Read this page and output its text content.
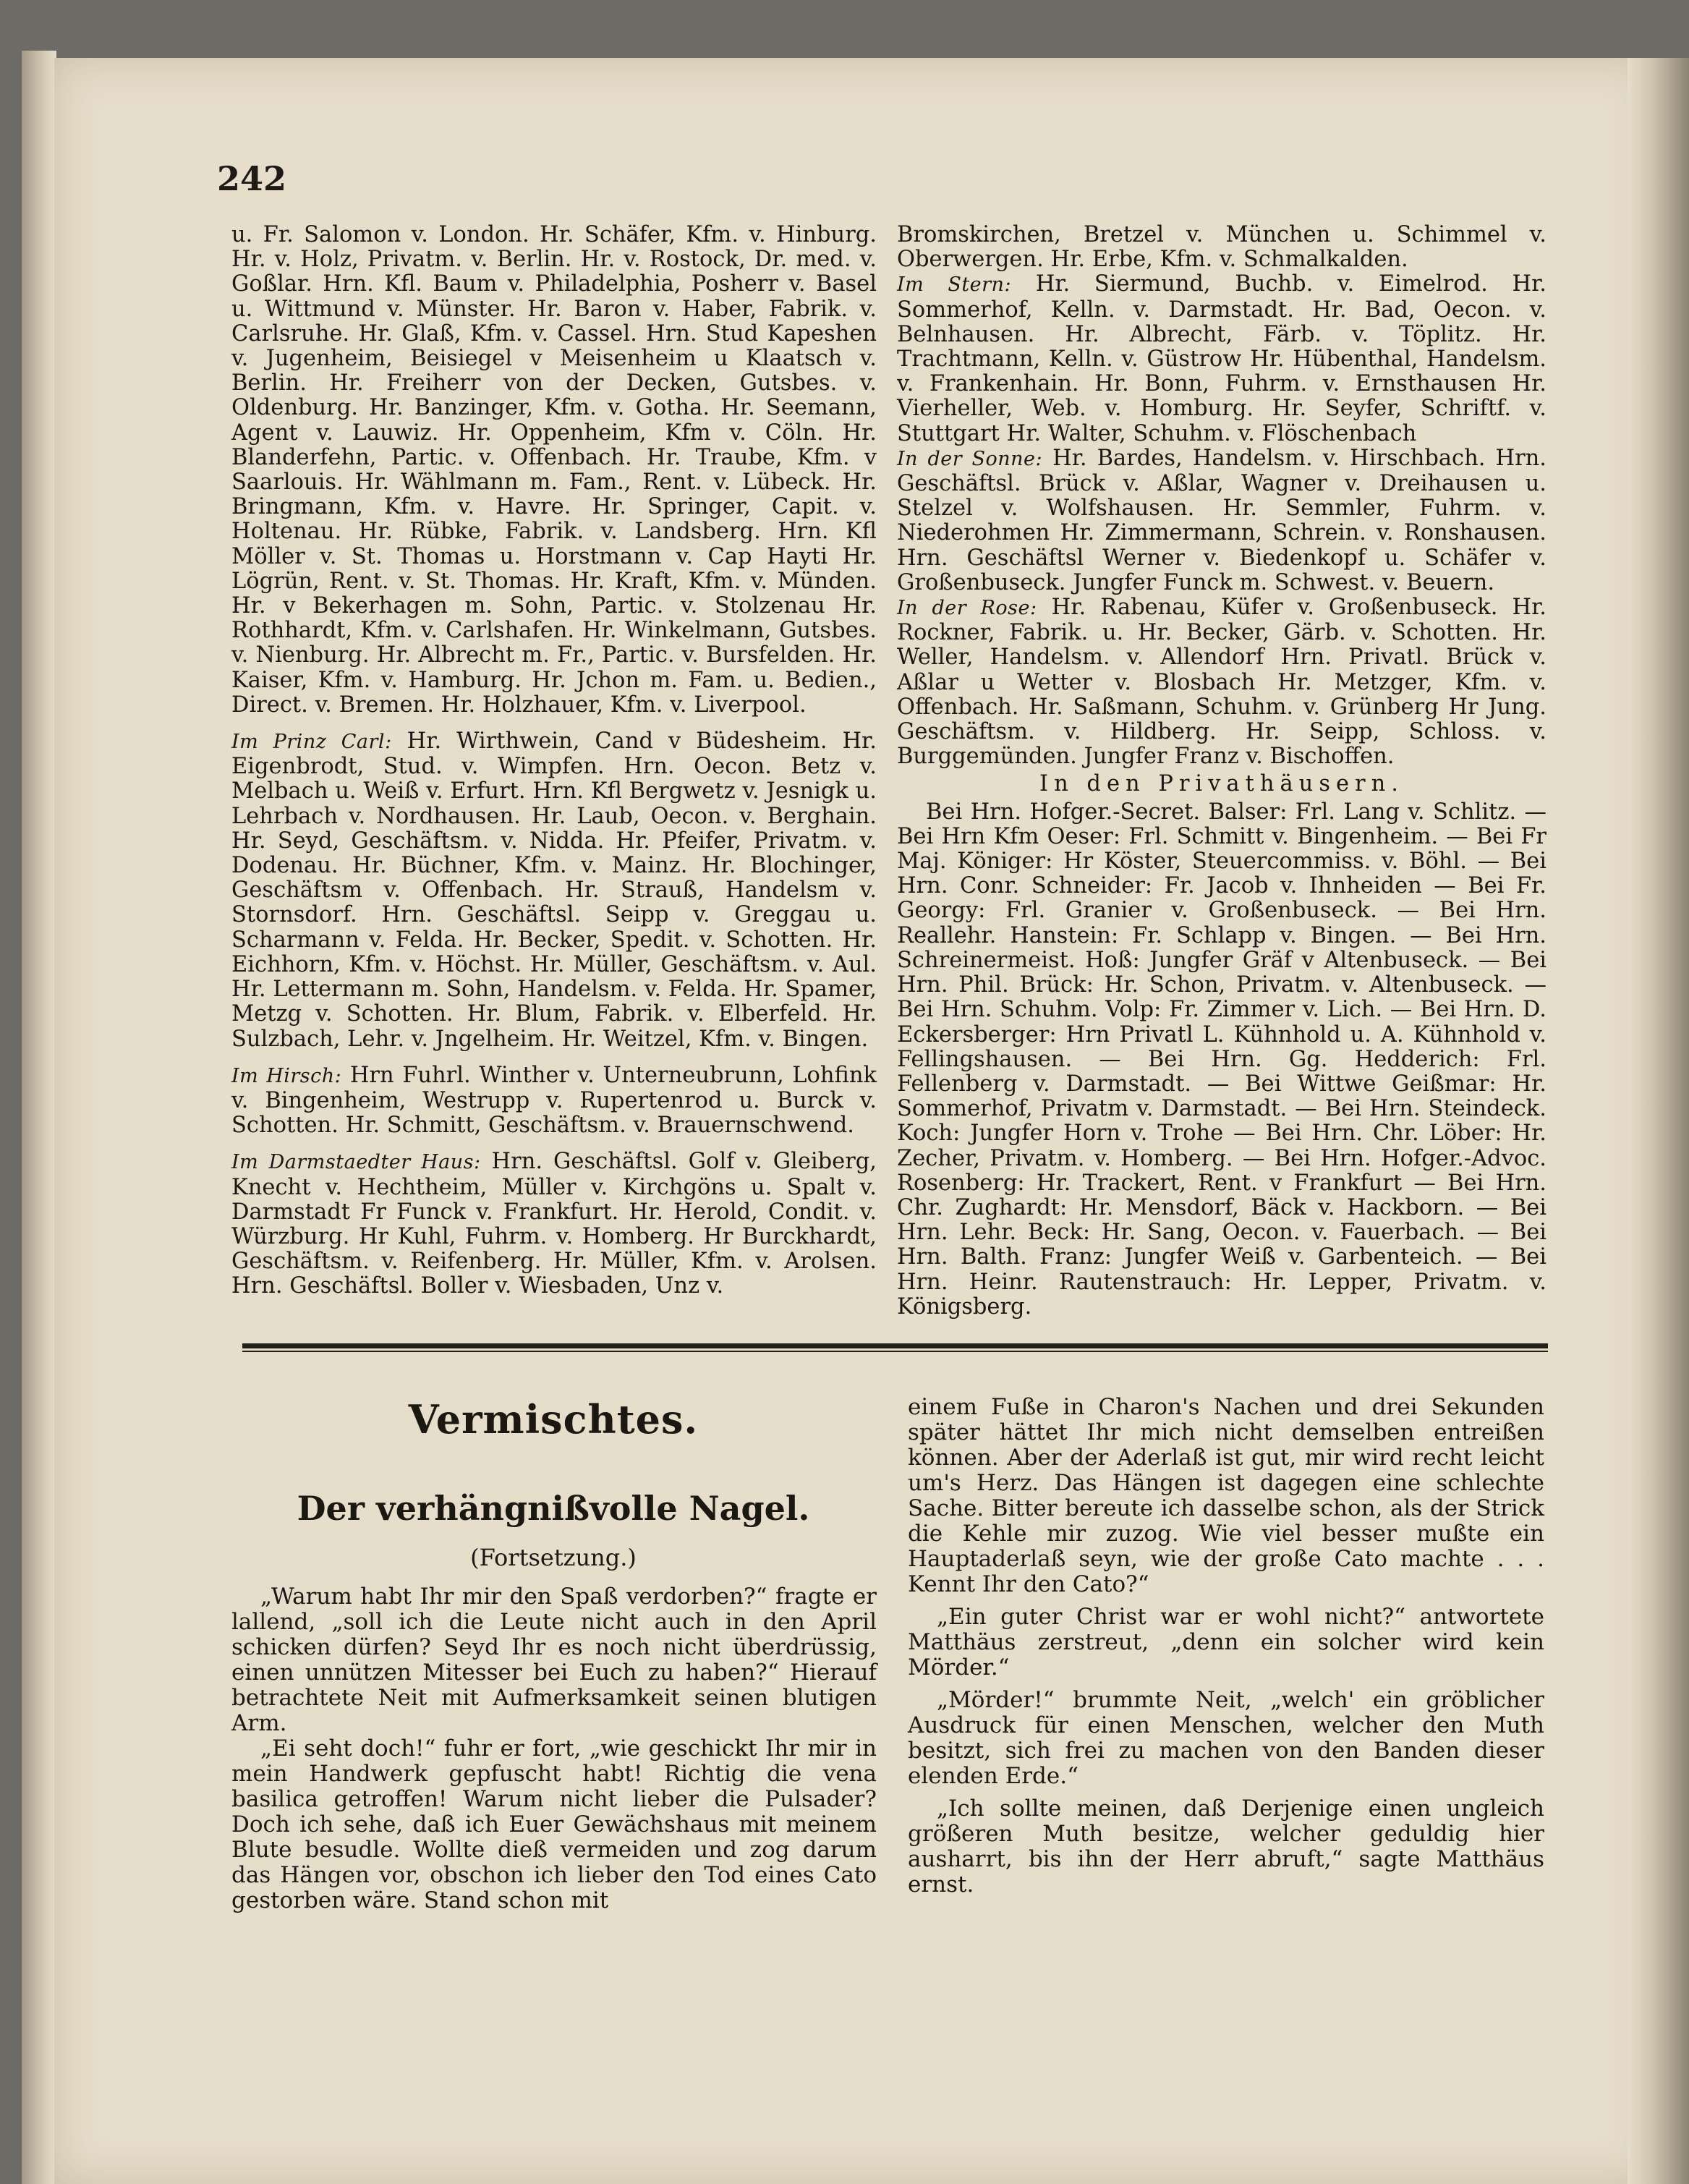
242

u. Fr. Salomon v. London. Hr. Schäfer, Kfm. v. Hinburg. Hr. v. Holz, Privatm. v. Berlin. Hr. v. Rostock, Dr. med. v. Goßlar. Hrn. Kfl. Baum v. Philadelphia, Posherr v. Basel u. Wittmund v. Münster. Hr. Baron v. Haber, Fabrik. v. Carlsruhe. Hr. Glaß, Kfm. v. Cassel. Hrn. Stud Kapeshen v. Jugenheim, Beisiegel v Meisenheim u Klaatsch v. Berlin. Hr. Freiherr von der Decken, Gutsbes. v. Oldenburg. Hr. Banzinger, Kfm. v. Gotha. Hr. Seemann, Agent v. Lauwiz. Hr. Oppenheim, Kfm v. Cöln. Hr. Blanderfehn, Partic. v. Offenbach. Hr. Traube, Kfm. v Saarlouis. Hr. Wählmann m. Fam., Rent. v. Lübeck. Hr. Bringmann, Kfm. v. Havre. Hr. Springer, Capit. v. Holtenau. Hr. Rübke, Fabrik. v. Landsberg. Hrn. Kfl Möller v. St. Thomas u. Horstmann v. Cap Hayti Hr. Lögrün, Rent. v. St. Thomas. Hr. Kraft, Kfm. v. Münden. Hr. v Bekerhagen m. Sohn, Partic. v. Stolzenau Hr. Rothhardt, Kfm. v. Carlshafen. Hr. Winkelmann, Gutsbes. v. Nienburg. Hr. Albrecht m. Fr., Partic. v. Bursfelden. Hr. Kaiser, Kfm. v. Hamburg. Hr. Jchon m. Fam. u. Bedien., Direct. v. Bremen. Hr. Holzhauer, Kfm. v. Liverpool.

Im Prinz Carl: Hr. Wirthwein, Cand v Büdesheim. Hr. Eigenbrodt, Stud. v. Wimpfen. Hrn. Oecon. Betz v. Melbach u. Weiß v. Erfurt. Hrn. Kfl Bergwetz v. Jesnigk u. Lehrbach v. Nordhausen. Hr. Laub, Oecon. v. Berghain. Hr. Seyd, Geschäftsm. v. Nidda. Hr. Pfeifer, Privatm. v. Dodenau. Hr. Büchner, Kfm. v. Mainz. Hr. Blochinger, Geschäftsm v. Offenbach. Hr. Strauß, Handelsm v. Stornsdorf. Hrn. Geschäftsl. Seipp v. Greggau u. Scharmann v. Felda. Hr. Becker, Spedit. v. Schotten. Hr. Eichhorn, Kfm. v. Höchst. Hr. Müller, Geschäftsm. v. Aul. Hr. Lettermann m. Sohn, Handelsm. v. Felda. Hr. Spamer, Metzg v. Schotten. Hr. Blum, Fabrik. v. Elberfeld. Hr. Sulzbach, Lehr. v. Jngelheim. Hr. Weitzel, Kfm. v. Bingen.

Im Hirsch: Hrn Fuhrl. Winther v. Unterneubrunn, Lohfink v. Bingenheim, Westrupp v. Rupertenrod u. Burck v. Schotten. Hr. Schmitt, Geschäftsm. v. Brauernschwend.

Im Darmstaedter Haus: Hrn. Geschäftsl. Golf v. Gleiberg, Knecht v. Hechtheim, Müller v. Kirchgöns u. Spalt v. Darmstadt Fr Funck v. Frankfurt. Hr. Herold, Condit. v. Würzburg. Hr Kuhl, Fuhrm. v. Homberg. Hr Burckhardt, Geschäftsm. v. Reifenberg. Hr. Müller, Kfm. v. Arolsen. Hrn. Geschäftsl. Boller v. Wiesbaden, Unz v.

Bromskirchen, Bretzel v. München u. Schimmel v. Oberwergen. Hr. Erbe, Kfm. v. Schmalkalden.

Im Stern: Hr. Siermund, Buchb. v. Eimelrod. Hr. Sommerhof, Kelln. v. Darmstadt. Hr. Bad, Oecon. v. Belnhausen. Hr. Albrecht, Färb. v. Töplitz. Hr. Trachtmann, Kelln. v. Güstrow Hr. Hübenthal, Handelsm. v. Frankenhain. Hr. Bonn, Fuhrm. v. Ernsthausen Hr. Vierheller, Web. v. Homburg. Hr. Seyfer, Schriftf. v. Stuttgart Hr. Walter, Schuhm. v. Flöschenbach

In der Sonne: Hr. Bardes, Handelsm. v. Hirschbach. Hrn. Geschäftsl. Brück v. Aßlar, Wagner v. Dreihausen u. Stelzel v. Wolfshausen. Hr. Semmler, Fuhrm. v. Niederohmen Hr. Zimmermann, Schrein. v. Ronshausen. Hrn. Geschäftsl Werner v. Biedenkopf u. Schäfer v. Großenbuseck. Jungfer Funck m. Schwest. v. Beuern.

In der Rose: Hr. Rabenau, Küfer v. Großenbuseck. Hr. Rockner, Fabrik. u. Hr. Becker, Gärb. v. Schotten. Hr. Weller, Handelsm. v. Allendorf Hrn. Privatl. Brück v. Aßlar u Wetter v. Blosbach Hr. Metzger, Kfm. v. Offenbach. Hr. Saßmann, Schuhm. v. Grünberg Hr Jung. Geschäftsm. v. Hildberg. Hr. Seipp, Schloss. v. Burggemünden. Jungfer Franz v. Bischoffen.

In den Privathäusern.

Bei Hrn. Hofger.-Secret. Balser: Frl. Lang v. Schlitz. — Bei Hrn Kfm Oeser: Frl. Schmitt v. Bingenheim. — Bei Fr Maj. Königer: Hr Köster, Steuercommiss. v. Böhl. — Bei Hrn. Conr. Schneider: Fr. Jacob v. Ihnheiden — Bei Fr. Georgy: Frl. Granier v. Großenbuseck. — Bei Hrn. Reallehr. Hanstein: Fr. Schlapp v. Bingen. — Bei Hrn. Schreinermeist. Hoß: Jungfer Gräf v Altenbuseck. — Bei Hrn. Phil. Brück: Hr. Schon, Privatm. v. Altenbuseck. — Bei Hrn. Schuhm. Volp: Fr. Zimmer v. Lich. — Bei Hrn. D. Eckersberger: Hrn Privatl L. Kühnhold u. A. Kühnhold v. Fellingshausen. — Bei Hrn. Gg. Hedderich: Frl. Fellenberg v. Darmstadt. — Bei Wittwe Geißmar: Hr. Sommerhof, Privatm v. Darmstadt. — Bei Hrn. Steindeck. Koch: Jungfer Horn v. Trohe — Bei Hrn. Chr. Löber: Hr. Zecher, Privatm. v. Homberg. — Bei Hrn. Hofger.-Advoc. Rosenberg: Hr. Trackert, Rent. v Frankfurt — Bei Hrn. Chr. Zughardt: Hr. Mensdorf, Bäck v. Hackborn. — Bei Hrn. Lehr. Beck: Hr. Sang, Oecon. v. Fauerbach. — Bei Hrn. Balth. Franz: Jungfer Weiß v. Garbenteich. — Bei Hrn. Heinr. Rautenstrauch: Hr. Lepper, Privatm. v. Königsberg.

Vermischtes.
Der verhängnißvolle Nagel.
(Fortsetzung.)

„Warum habt Ihr mir den Spaß verdorben?“ fragte er lallend, „soll ich die Leute nicht auch in den April schicken dürfen? Seyd Ihr es noch nicht überdrüssig, einen unnützen Mitesser bei Euch zu haben?“ Hierauf betrachtete Neit mit Aufmerksamkeit seinen blutigen Arm.

„Ei seht doch!“ fuhr er fort, „wie geschickt Ihr mir in mein Handwerk gepfuscht habt! Richtig die vena basilica getroffen! Warum nicht lieber die Pulsader? Doch ich sehe, daß ich Euer Gewächshaus mit meinem Blute besudle. Wollte dieß vermeiden und zog darum das Hängen vor, obschon ich lieber den Tod eines Cato gestorben wäre. Stand schon mit

einem Fuße in Charon's Nachen und drei Sekunden später hättet Ihr mich nicht demselben entreißen können. Aber der Aderlaß ist gut, mir wird recht leicht um's Herz. Das Hängen ist dagegen eine schlechte Sache. Bitter bereute ich dasselbe schon, als der Strick die Kehle mir zuzog. Wie viel besser mußte ein Hauptaderlaß seyn, wie der große Cato machte . . . Kennt Ihr den Cato?“

„Ein guter Christ war er wohl nicht?“ antwortete Matthäus zerstreut, „denn ein solcher wird kein Mörder.“

„Mörder!“ brummte Neit, „welch' ein gröblicher Ausdruck für einen Menschen, welcher den Muth besitzt, sich frei zu machen von den Banden dieser elenden Erde.“

„Ich sollte meinen, daß Derjenige einen ungleich größeren Muth besitze, welcher geduldig hier ausharrt, bis ihn der Herr abruft,“ sagte Matthäus ernst.
